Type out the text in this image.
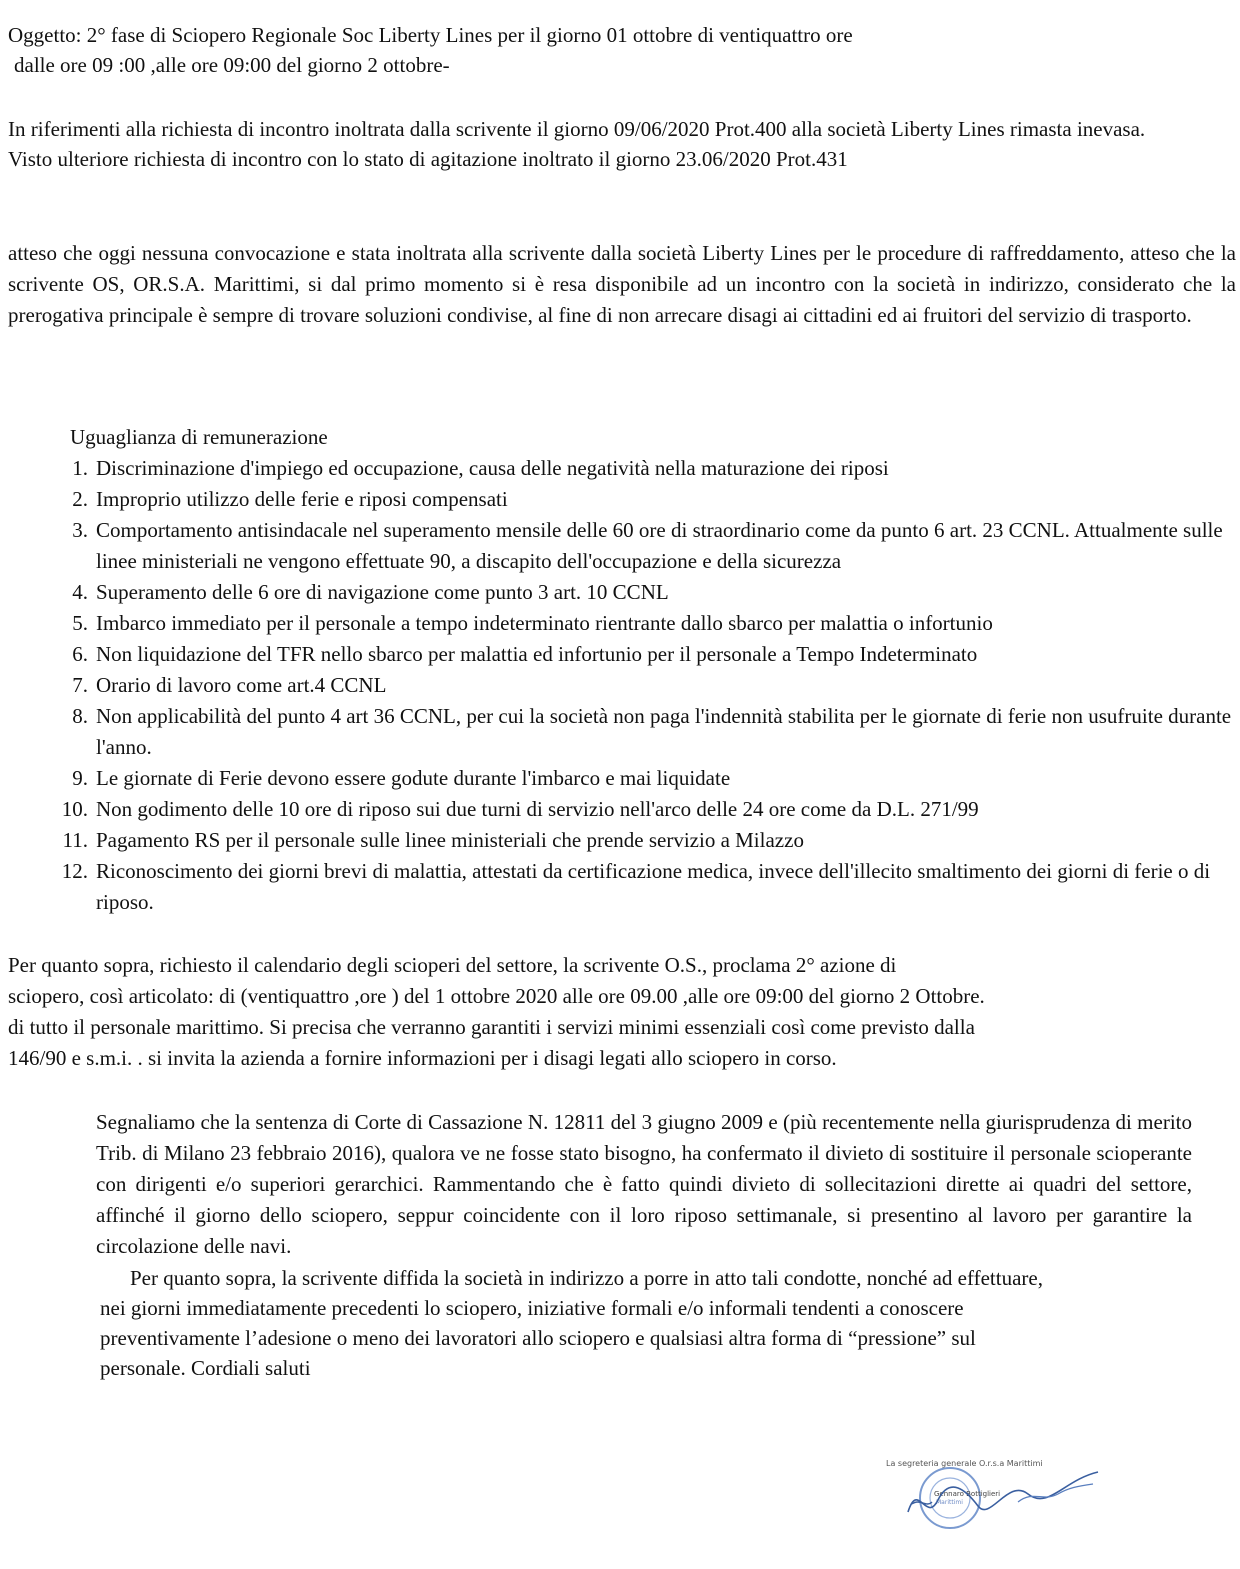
Oggetto: 2° fase di Sciopero Regionale Soc Liberty Lines per il giorno 01 ottobre di ventiquattro ore
dalle ore 09 :00 ,alle ore 09:00 del giorno 2 ottobre-
In riferimenti alla richiesta di incontro inoltrata dalla scrivente il giorno 09/06/2020 Prot.400 alla società Liberty Lines rimasta inevasa.
Visto ulteriore richiesta di incontro con lo stato di agitazione inoltrato il giorno 23.06/2020 Prot.431
atteso che oggi nessuna convocazione e stata inoltrata alla scrivente dalla società Liberty Lines per le procedure di raffreddamento, atteso che la scrivente OS, OR.S.A. Marittimi, si dal primo momento si è resa disponibile ad un incontro con la società in indirizzo, considerato che la prerogativa principale è sempre di trovare soluzioni condivise, al fine di non arrecare disagi ai cittadini ed ai fruitori del servizio di trasporto.
Uguaglianza di remunerazione
1. Discriminazione d'impiego ed occupazione, causa delle negatività nella maturazione dei riposi
2. Improprio utilizzo delle ferie e riposi compensati
3. Comportamento antisindacale nel superamento mensile delle 60 ore di straordinario come da punto 6 art. 23 CCNL. Attualmente sulle linee ministeriali ne vengono effettuate 90, a discapito dell'occupazione e della sicurezza
4. Superamento delle 6 ore di navigazione come punto 3 art. 10 CCNL
5. Imbarco immediato per il personale a tempo indeterminato rientrante dallo sbarco per malattia o infortunio
6. Non liquidazione del TFR nello sbarco per malattia ed infortunio per il personale a Tempo Indeterminato
7. Orario di lavoro come art.4 CCNL
8. Non applicabilità del punto 4 art 36 CCNL, per cui la società non paga l'indennità stabilita per le giornate di ferie non usufruite durante l'anno.
9. Le giornate di Ferie devono essere godute durante l'imbarco e mai liquidate
10. Non godimento delle 10 ore di riposo sui due turni di servizio nell'arco delle 24 ore come da D.L. 271/99
11. Pagamento RS per il personale sulle linee ministeriali che prende servizio a Milazzo
12. Riconoscimento dei giorni brevi di malattia, attestati da certificazione medica, invece dell'illecito smaltimento dei giorni di ferie o di riposo.
Per quanto sopra, richiesto il calendario degli scioperi del settore, la scrivente O.S., proclama 2° azione di
sciopero, così articolato: di (ventiquattro ,ore ) del 1 ottobre 2020 alle ore 09.00 ,alle ore 09:00 del giorno 2 Ottobre.
di tutto il personale marittimo. Si precisa che verranno garantiti i servizi minimi essenziali così come previsto dalla
146/90 e s.m.i. . si invita la azienda a fornire informazioni per i disagi legati allo sciopero in corso.
Segnaliamo che la sentenza di Corte di Cassazione N. 12811 del 3 giugno 2009 e (più recentemente nella giurisprudenza di merito Trib. di Milano 23 febbraio 2016), qualora ve ne fosse stato bisogno, ha confermato il divieto di sostituire il personale scioperante con dirigenti e/o superiori gerarchici. Rammentando che è fatto quindi divieto di sollecitazioni dirette ai quadri del settore, affinché il giorno dello sciopero, seppur coincidente con il loro riposo settimanale, si presentino al lavoro per garantire la circolazione delle navi.
Per quanto sopra, la scrivente diffida la società in indirizzo a porre in atto tali condotte, nonché ad effettuare,
nei giorni immediatamente precedenti lo sciopero, iniziative formali e/o informali tendenti a conoscere
preventivamente l’adesione o meno dei lavoratori allo sciopero e qualsiasi altra forma di “pressione” sul
personale. Cordiali saluti
La segreteria generale O.r.s.a Marittimi
Gennaro Bottiglieri
Marittimi
